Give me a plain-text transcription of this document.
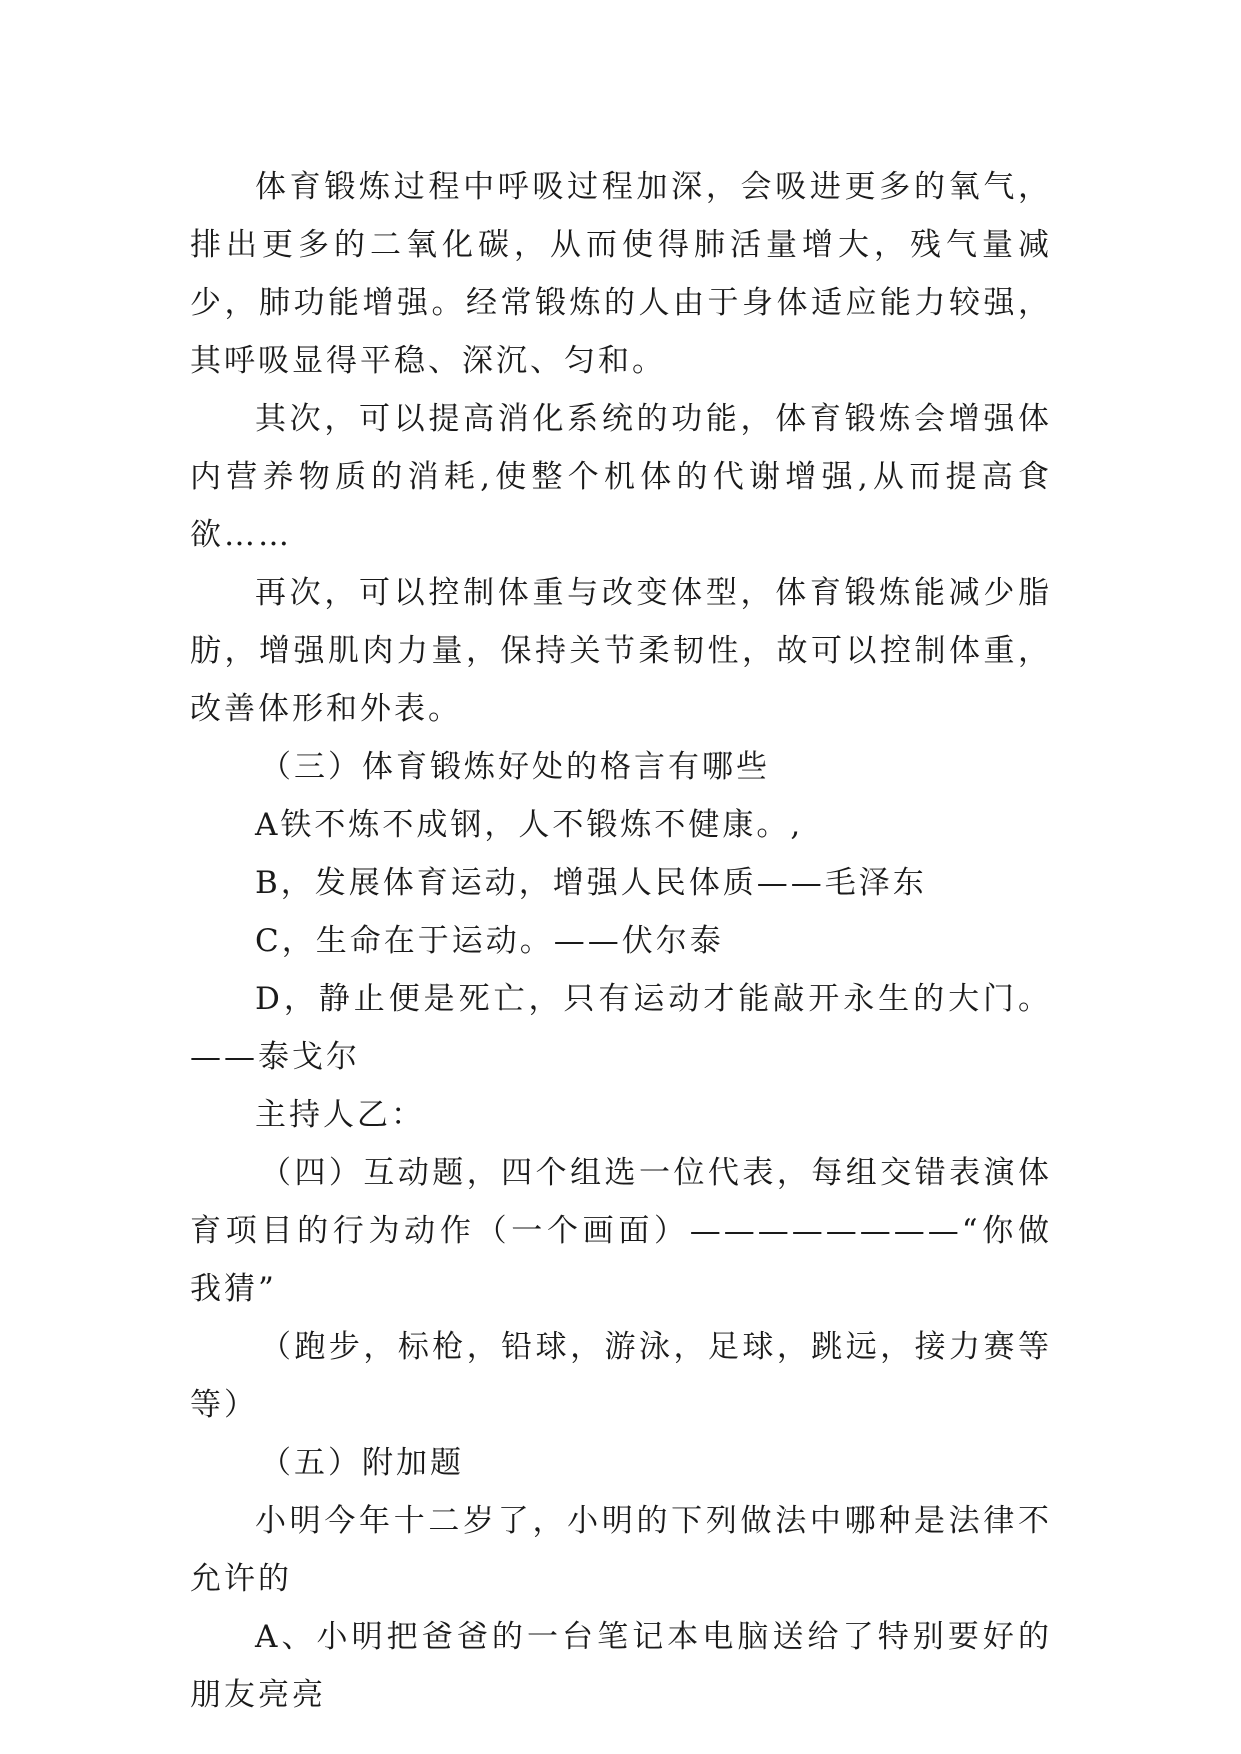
体育锻炼过程中呼吸过程加深，会吸进更多的氧气，排出更多的二氧化碳，从而使得肺活量增大，残气量减少，肺功能增强。经常锻炼的人由于身体适应能力较强，其呼吸显得平稳、深沉、匀和。

其次，可以提高消化系统的功能，体育锻炼会增强体内营养物质的消耗,使整个机体的代谢增强,从而提高食欲……

再次，可以控制体重与改变体型，体育锻炼能减少脂肪，增强肌肉力量，保持关节柔韧性，故可以控制体重，改善体形和外表。

（三）体育锻炼好处的格言有哪些

A铁不炼不成钢，人不锻炼不健康。,

B，发展体育运动，增强人民体质——毛泽东

C，生命在于运动。——伏尔泰

D，静止便是死亡，只有运动才能敲开永生的大门。——泰戈尔

主持人乙：

（四）互动题，四个组选一位代表，每组交错表演体育项目的行为动作（一个画面）————————“你做我猜”

（跑步，标枪，铅球，游泳，足球，跳远，接力赛等等）

（五）附加题

小明今年十二岁了，小明的下列做法中哪种是法律不允许的

A、小明把爸爸的一台笔记本电脑送给了特别要好的朋友亮亮
